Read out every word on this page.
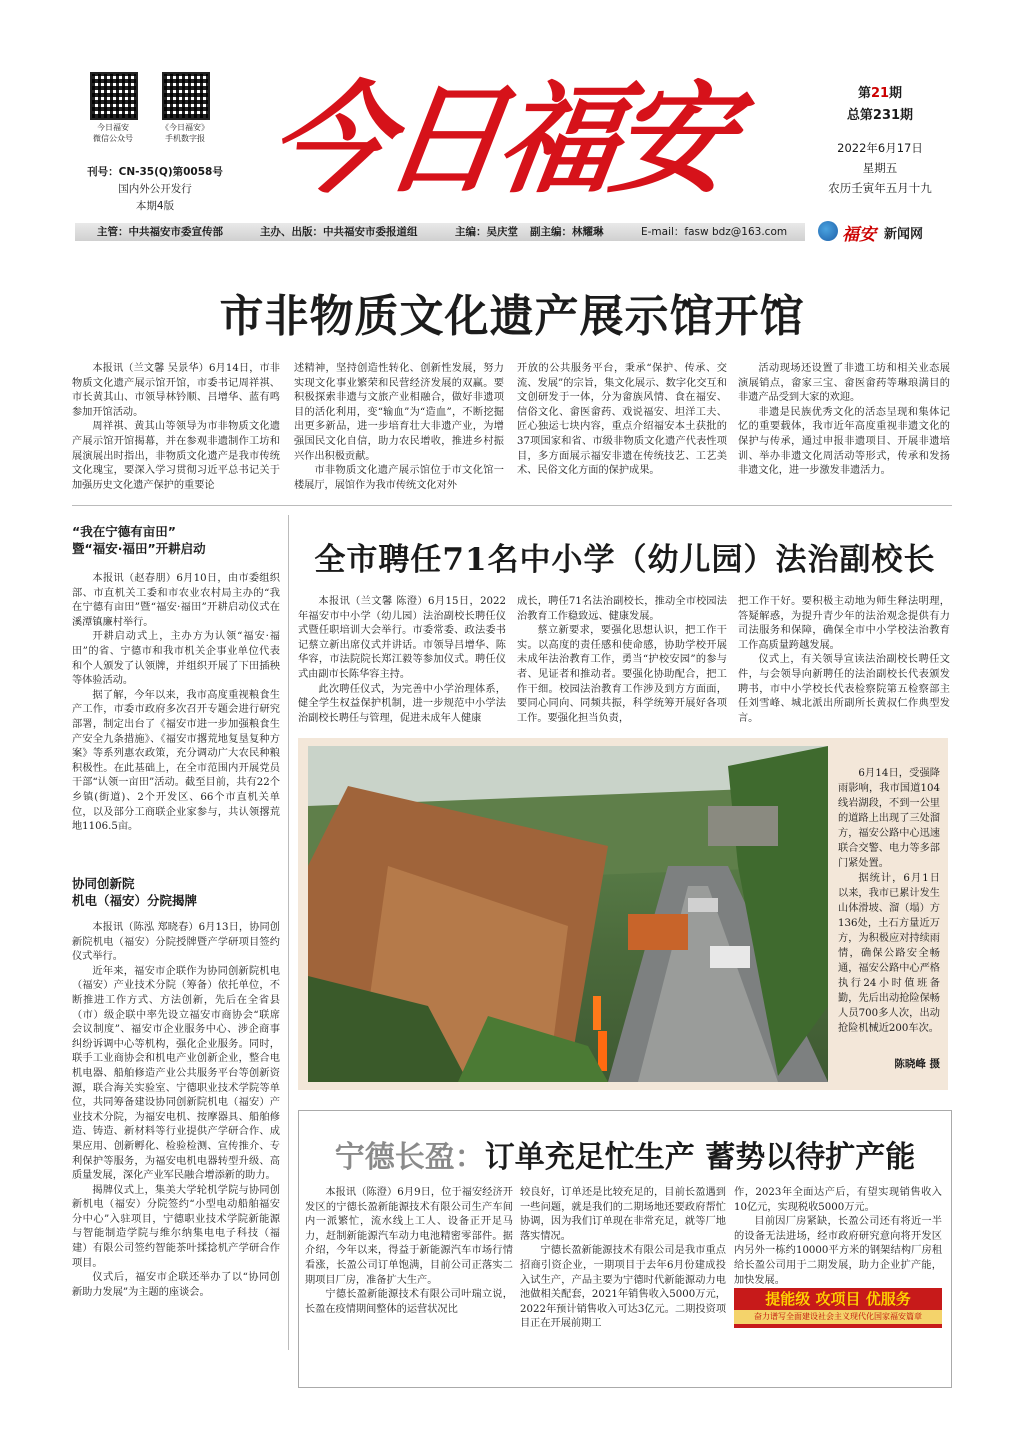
今日福安
微信公众号
《今日福安》
手机数字报
刊号：CN-35(Q)第0058号
国内外公开发行
本期4版 今日福安	第21期
总第231期
2022年6月17日
星期五
农历壬寅年五月十九
福安 新闻网
主管：中共福安市委宣传部	主办、出版：中共福安市委报道组	主编：吴庆堂 副主编：林耀琳	E-mail：fasw bdz@163.com
市非物质文化遗产展示馆开馆

本报讯（兰文馨 吴景华）6月14日，市非物质文化遗产展示馆开馆，市委书记周祥祺、市长黄其山、市领导林钤顺、吕增华、蓝有鸣参加开馆活动。

周祥祺、黄其山等领导为市非物质文化遗产展示馆开馆揭幕，并在参观非遗制作工坊和展演展出时指出，非物质文化遗产是我市传统文化瑰宝，要深入学习贯彻习近平总书记关于加强历史文化遗产保护的重要论

述精神，坚持创造性转化、创新性发展，努力实现文化事业繁荣和民营经济发展的双赢。要积极探索非遗与文旅产业相融合，做好非遗项目的活化利用，变“输血”为“造血”，不断挖掘出更多新品，进一步培育壮大非遗产业，为增强国民文化自信，助力农民增收，推进乡村振兴作出积极贡献。

市非物质文化遗产展示馆位于市文化馆一楼展厅，展馆作为我市传统文化对外

开放的公共服务平台，秉承“保护、传承、交流、发展”的宗旨，集文化展示、数字化交互和文创研发于一体，分为畲族风情、食在福安、信俗文化、畲医畲药、戏说福安、坦洋工夫、匠心独运七块内容，重点介绍福安本土获批的37项国家和省、市级非物质文化遗产代表性项目，多方面展示福安非遗在传统技艺、工艺美术、民俗文化方面的保护成果。

活动现场还设置了非遗工坊和相关业态展演展销点，畲家三宝、畲医畲药等琳琅满目的非遗产品受到大家的欢迎。

非遗是民族优秀文化的活态呈现和集体记忆的重要载体，我市近年高度重视非遗文化的保护与传承，通过申报非遗项目、开展非遗培训、举办非遗文化周活动等形式，传承和发扬非遗文化，进一步激发非遗活力。

“我在宁德有亩田”
暨“福安·福田”开耕启动

本报讯（赵春朋）6月10日，由市委组织部、市直机关工委和市农业农村局主办的“我在宁德有亩田”暨“福安·福田”开耕启动仪式在溪潭镇廉村举行。

开耕启动式上，主办方为认领“福安·福田”的省、宁德市和我市机关企事业单位代表和个人颁发了认领牌，并组织开展了下田插秧等体验活动。

据了解，今年以来，我市高度重视粮食生产工作，市委市政府多次召开专题会进行研究部署，制定出台了《福安市进一步加强粮食生产安全九条措施》、《福安市撂荒地复垦复种方案》等系列惠农政策，充分调动广大农民种粮积极性。在此基础上，在全市范围内开展党员干部“认领一亩田”活动。截至目前，共有22个乡镇(街道)、2个开发区、66个市直机关单位，以及部分工商联企业家参与，共认领撂荒地1106.5亩。

协同创新院
机电（福安）分院揭牌

本报讯（陈泓 郑晓春）6月13日，协同创新院机电（福安）分院授牌暨产学研项目签约仪式举行。

近年来，福安市企联作为协同创新院机电（福安）产业技术分院（筹备）依托单位，不断推进工作方式、方法创新，先后在全省县（市）级企联中率先设立福安市商协会“联席会议制度”、福安市企业服务中心、涉企商事纠纷诉调中心等机构，强化企业服务。同时，联手工业商协会和机电产业创新企业，整合电机电器、船舶修造产业公共服务平台等创新资源，联合海关实验室、宁德职业技术学院等单位，共同筹备建设协同创新院机电（福安）产业技术分院，为福安电机、按摩器具、船舶修造、铸造、新材料等行业提供产学研合作、成果应用、创新孵化、检验检测、宣传推介、专利保护等服务，为福安电机电器转型升级、高质量发展，深化产业军民融合增添新的助力。

揭牌仪式上，集美大学轮机学院与协同创新机电（福安）分院签约“小型电动船舶福安分中心”入驻项目，宁德职业技术学院新能源与智能制造学院与维尔纳集电电子科技（福建）有限公司签约智能茶叶揉捻机产学研合作项目。

仪式后，福安市企联还举办了以“协同创新助力发展”为主题的座谈会。

全市聘任71名中小学（幼儿园）法治副校长

本报讯（兰文馨 陈澄）6月15日，2022年福安市中小学（幼儿园）法治副校长聘任仪式暨任职培训大会举行。市委常委、政法委书记蔡立新出席仪式并讲话。市领导吕增华、陈华容，市法院院长郑江毅等参加仪式。聘任仪式由副市长陈华容主持。

此次聘任仪式，为完善中小学治理体系，健全学生权益保护机制，进一步规范中小学法治副校长聘任与管理，促进未成年人健康

成长，聘任71名法治副校长，推动全市校园法治教育工作稳致远、健康发展。

蔡立新要求，要强化思想认识，把工作干实。以高度的责任感和使命感，协助学校开展未成年法治教育工作，勇当“护校安园”的参与者、见证者和推动者。要强化协助配合，把工作干细。校园法治教育工作涉及到方方面面，要同心同向、同频共振，科学统筹开展好各项工作。要强化担当负责，

把工作干好。要积极主动地为师生释法明理，答疑解惑，为提升青少年的法治观念提供有力司法服务和保障，确保全市中小学校法治教育工作高质量跨越发展。

仪式上，有关领导宣读法治副校长聘任文件，与会领导向新聘任的法治副校长代表颁发聘书，市中小学校长代表检察院第五检察部主任刘雪峰、城北派出所副所长黄叔仁作典型发言。

6月14日，受强降雨影响，我市国道104线岩湖段，不到一公里的道路上出现了三处溜方，福安公路中心迅速联合交警、电力等多部门紧处置。

据统计，6月1日以来，我市已累计发生山体滑坡、溜（塌）方136处，土石方量近万方，为积极应对持续雨情，确保公路安全畅通，福安公路中心严格执行24小时值班备勤，先后出动抢险保畅人员700多人次，出动抢险机械近200车次。

陈晓峰 摄
宁德长盈：订单充足忙生产 蓄势以待扩产能

本报讯（陈澄）6月9日，位于福安经济开发区的宁德长盈新能源技术有限公司生产车间内一派繁忙，流水线上工人、设备正开足马力，赶制新能源汽车动力电池精密零部件。据介绍，今年以来，得益于新能源汽车市场行情看涨，长盈公司订单饱满，目前公司正落实二期项目厂房，准备扩大生产。

宁德长盈新能源技术有限公司叶瑞立说，长盈在疫情期间整体的运营状况比

较良好，订单还是比较充足的，目前长盈遇到一些问题，就是我们的二期场地还要政府帮忙协调，因为我们订单现在非常充足，就等厂地落实情况。

宁德长盈新能源技术有限公司是我市重点招商引资企业，一期项目于去年6月份建成投入试生产，产品主要为宁德时代新能源动力电池做相关配套，2021年销售收入5000万元，2022年预计销售收入可达3亿元。二期投资项目正在开展前期工

作，2023年全面达产后，有望实现销售收入10亿元，实现税收5000万元。

目前因厂房紧缺，长盈公司还有将近一半的设备无法进场，经市政府研究意向将开发区内另外一栋约10000平方米的钢架结构厂房租给长盈公司用于二期发展，助力企业扩产能，加快发展。

提能级 攻项目 优服务
奋力谱写全面建设社会主义现代化国家福安篇章
